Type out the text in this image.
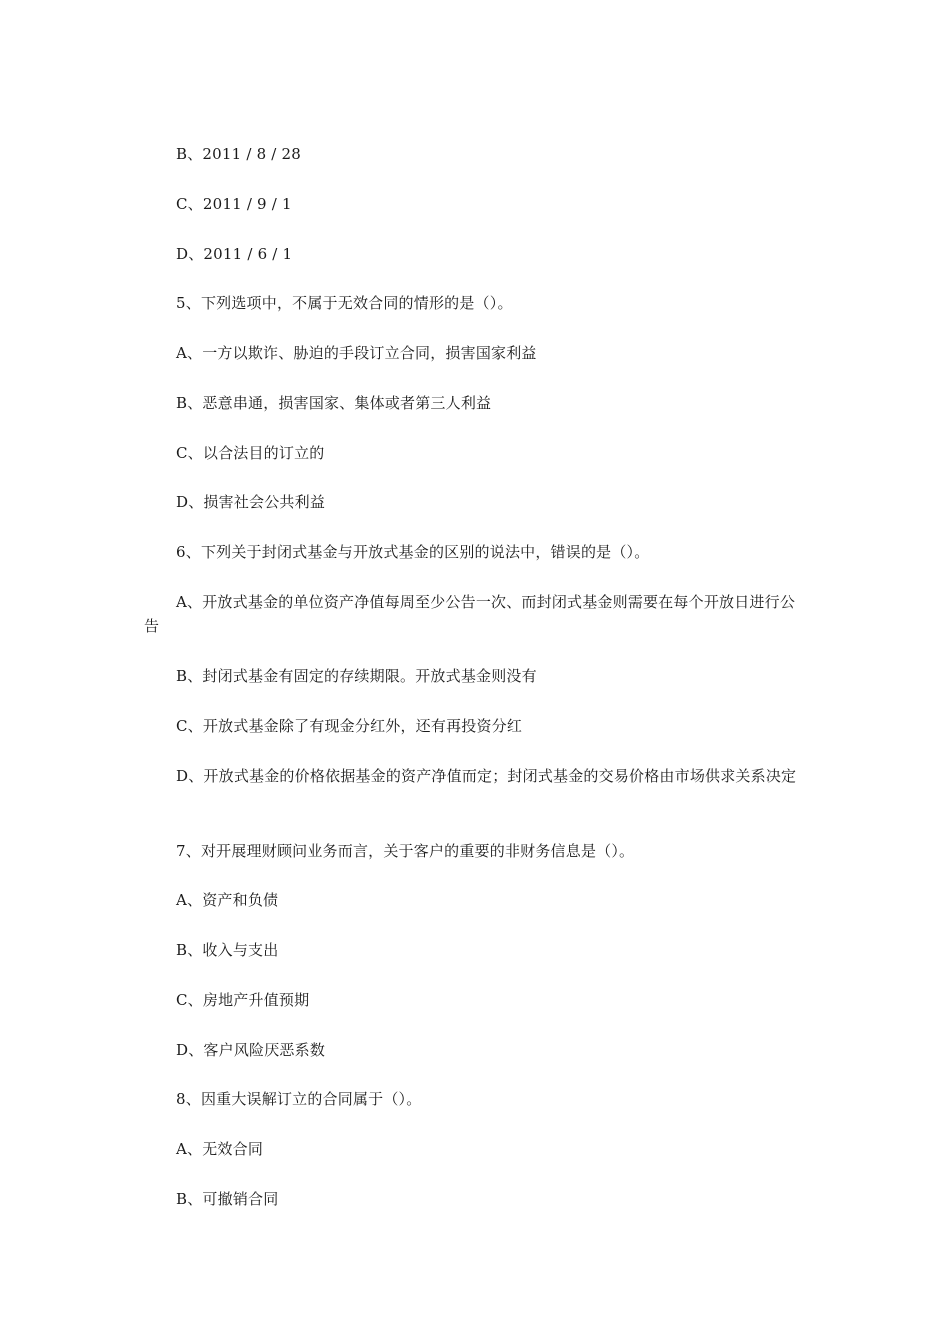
B、2011 / 8 / 28

C、2011 / 9 / 1

D、2011 / 6 / 1

5、下列选项中，不属于无效合同的情形的是（）。

A、一方以欺诈、胁迫的手段订立合同，损害国家利益

B、恶意串通，损害国家、集体或者第三人利益

C、以合法目的订立的

D、损害社会公共利益

6、下列关于封闭式基金与开放式基金的区别的说法中，错误的是（）。

A、开放式基金的单位资产净值每周至少公告一次、而封闭式基金则需要在每个开放日进行公告

B、封闭式基金有固定的存续期限。开放式基金则没有

C、开放式基金除了有现金分红外，还有再投资分红

D、开放式基金的价格依据基金的资产净值而定；封闭式基金的交易价格由市场供求关系决定

7、对开展理财顾问业务而言，关于客户的重要的非财务信息是（）。

A、资产和负债

B、收入与支出

C、房地产升值预期

D、客户风险厌恶系数

8、因重大误解订立的合同属于（）。

A、无效合同

B、可撤销合同
